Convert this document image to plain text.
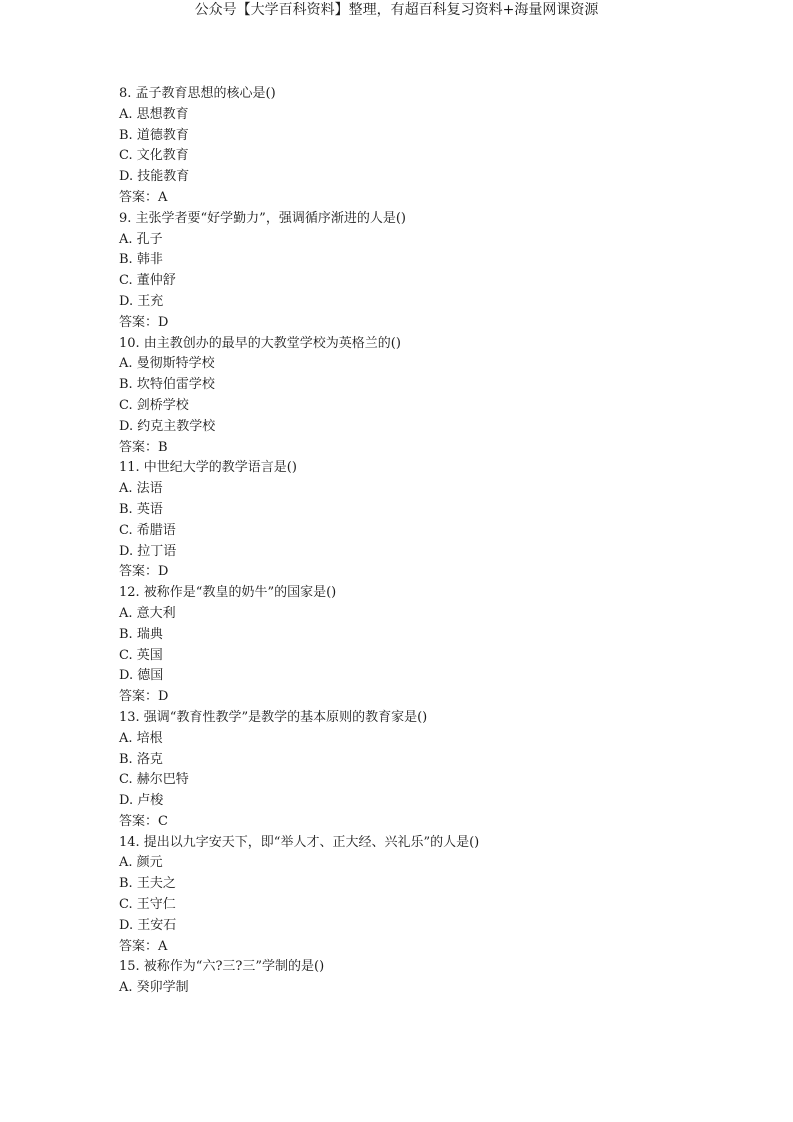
公众号【大学百科资料】整理，有超百科复习资料+海量网课资源
8. 孟子教育思想的核心是()
A. 思想教育
B. 道德教育
C. 文化教育
D. 技能教育
答案：A
9. 主张学者要“好学勤力”，强调循序渐进的人是()
A. 孔子
B. 韩非
C. 董仲舒
D. 王充
答案：D
10. 由主教创办的最早的大教堂学校为英格兰的()
A. 曼彻斯特学校
B. 坎特伯雷学校
C. 剑桥学校
D. 约克主教学校
答案：B
11. 中世纪大学的教学语言是()
A. 法语
B. 英语
C. 希腊语
D. 拉丁语
答案：D
12. 被称作是“教皇的奶牛”的国家是()
A. 意大利
B. 瑞典
C. 英国
D. 德国
答案：D
13. 强调“教育性教学”是教学的基本原则的教育家是()
A. 培根
B. 洛克
C. 赫尔巴特
D. 卢梭
答案：C
14. 提出以九字安天下，即“举人才、正大经、兴礼乐”的人是()
A. 颜元
B. 王夫之
C. 王守仁
D. 王安石
答案：A
15. 被称作为“六?三?三”学制的是()
A. 癸卯学制
